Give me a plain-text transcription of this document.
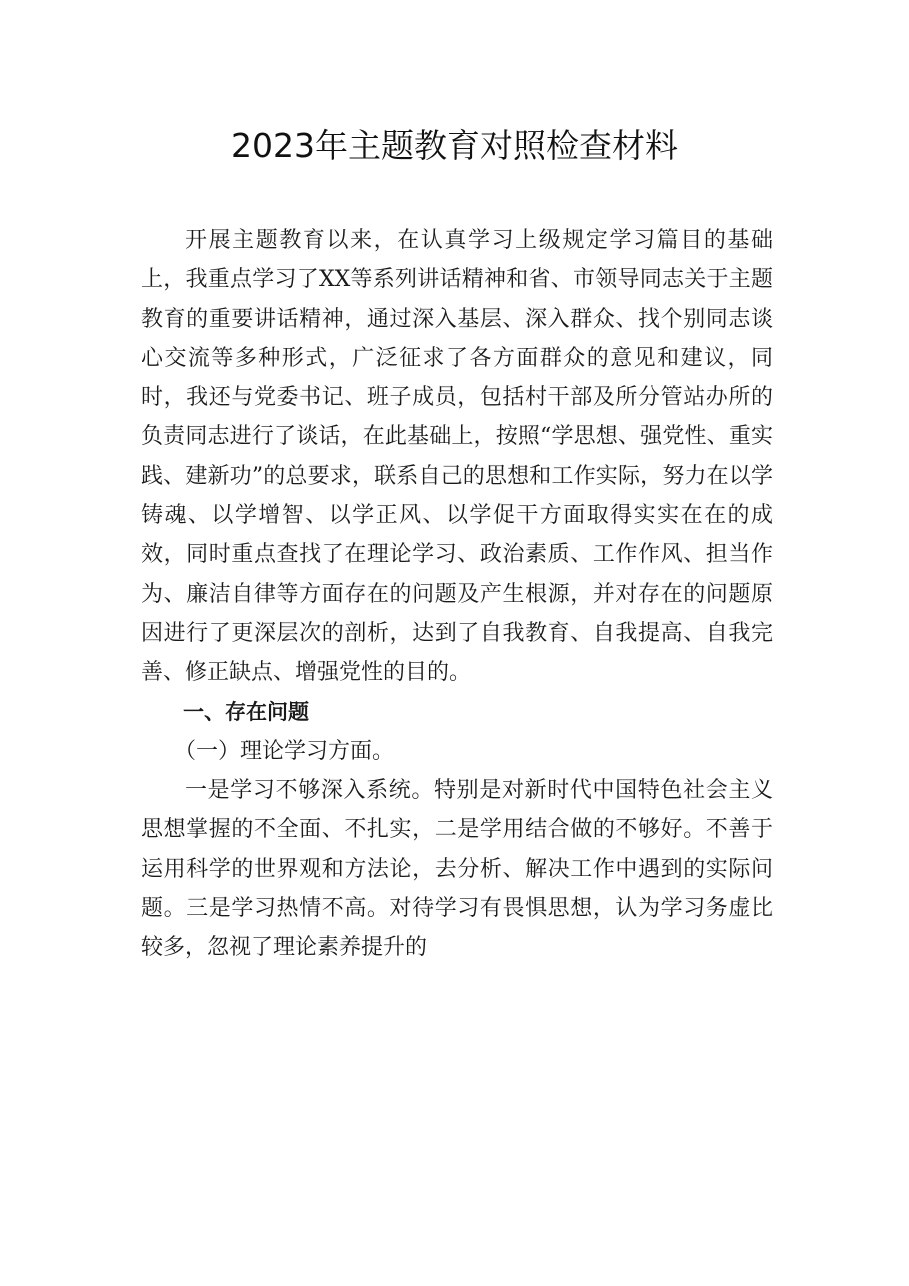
2023年主题教育对照检查材料

开展主题教育以来，在认真学习上级规定学习篇目的基础上，我重点学习了XX等系列讲话精神和省、市领导同志关于主题教育的重要讲话精神，通过深入基层、深入群众、找个别同志谈心交流等多种形式，广泛征求了各方面群众的意见和建议，同时，我还与党委书记、班子成员，包括村干部及所分管站办所的负责同志进行了谈话，在此基础上，按照“学思想、强党性、重实践、建新功”的总要求，联系自己的思想和工作实际，努力在以学铸魂、以学增智、以学正风、以学促干方面取得实实在在的成效，同时重点查找了在理论学习、政治素质、工作作风、担当作为、廉洁自律等方面存在的问题及产生根源，并对存在的问题原因进行了更深层次的剖析，达到了自我教育、自我提高、自我完善、修正缺点、增强党性的目的。

一、存在问题

（一）理论学习方面。

一是学习不够深入系统。特别是对新时代中国特色社会主义思想掌握的不全面、不扎实，二是学用结合做的不够好。不善于运用科学的世界观和方法论，去分析、解决工作中遇到的实际问题。三是学习热情不高。对待学习有畏惧思想，认为学习务虚比较多，忽视了理论素养提升的
